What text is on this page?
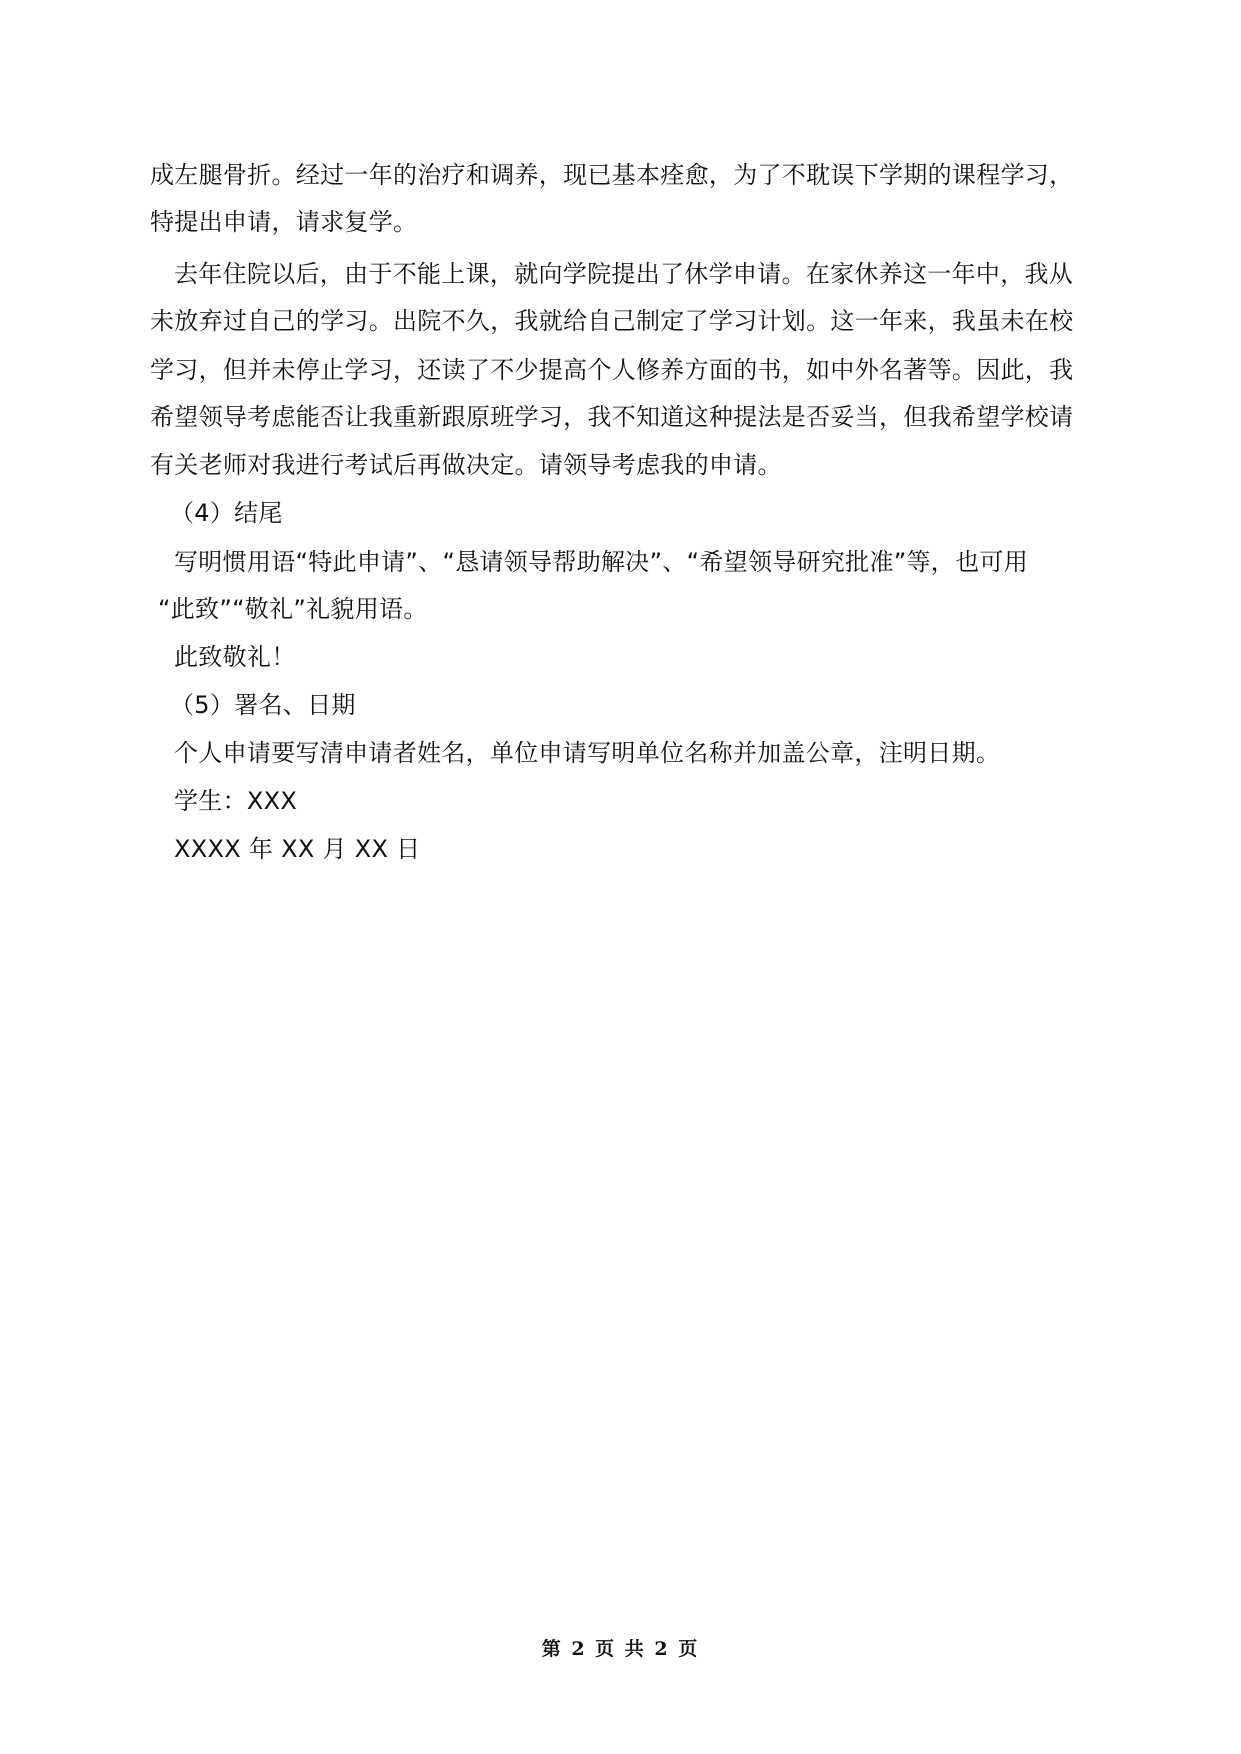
成左腿骨折。经过一年的治疗和调养，现已基本痊愈，为了不耽误下学期的课程学习，
特提出申请，请求复学。
去年住院以后，由于不能上课，就向学院提出了休学申请。在家休养这一年中，我从
未放弃过自己的学习。出院不久，我就给自己制定了学习计划。这一年来，我虽未在校
学习，但并未停止学习，还读了不少提高个人修养方面的书，如中外名著等。因此，我
希望领导考虑能否让我重新跟原班学习，我不知道这种提法是否妥当，但我希望学校请
有关老师对我进行考试后再做决定。请领导考虑我的申请。
（4）结尾
写明惯用语“特此申请”、“恳请领导帮助解决”、“希望领导研究批准”等，也可用
“此致”“敬礼”礼貌用语。
此致敬礼！
（5）署名、日期
个人申请要写清申请者姓名，单位申请写明单位名称并加盖公章，注明日期。
学生：XXX
XXXX 年 XX 月 XX 日
第 2 页 共 2 页
